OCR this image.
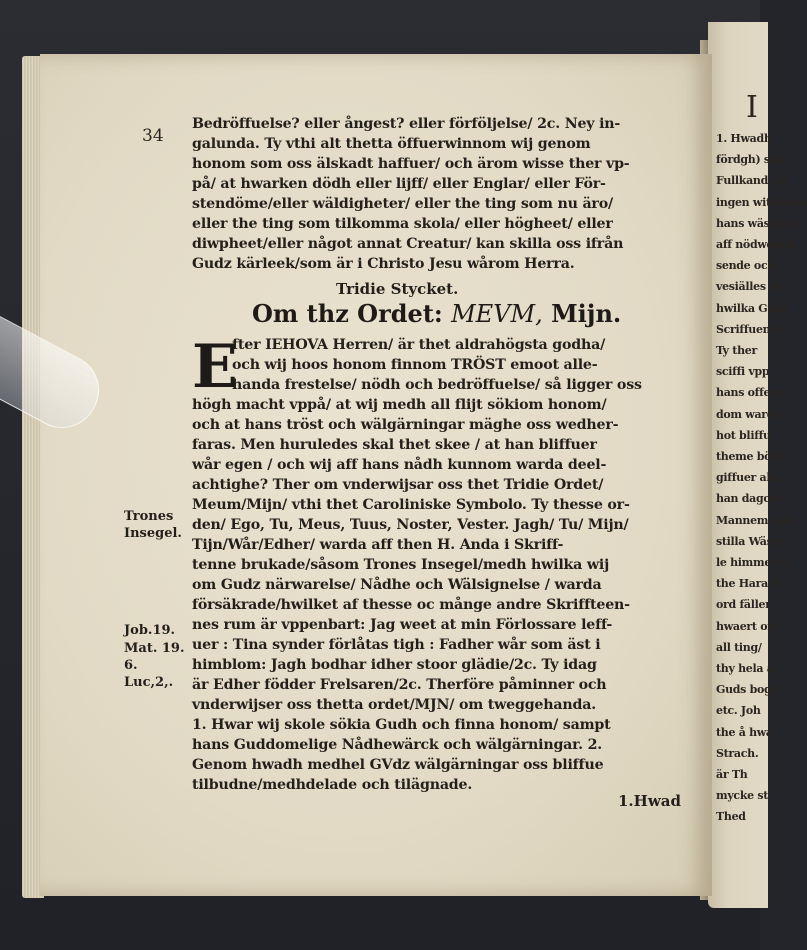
I
1. Hwadh
fördgh) sina
Fullkand/ så
ingen witeliken
hans wäsende
aff nödwennd
sende och
vesiälles of
hwilka Guds
Scriffuenes
Ty ther
sciffi vpp
hans offens
dom warde
hot bliffu
theme bögh
giffuer alla
han dagom
Mannem nah
stilla Wässe
le himmelen
the Hara G
ord fäller
hwaert om
all ting/
thy hela a
Guds bogh
etc. Joh
the å hwa
Strach.
är Th
mycke st
Thed
34
Bedröffuelse? eller ångest? eller förföljelse/ 2c. Ney in-
galunda. Ty vthi alt thetta öffuerwinnom wij genom
honom som oss älskadt haffuer/ och ärom wisse ther vp-
på/ at hwarken dödh eller lijff/ eller Englar/ eller För-
stendöme/eller wäldigheter/ eller the ting som nu äro/
eller the ting som tilkomma skola/ eller högheet/ eller
diwpheet/eller något annat Creatur/ kan skilla oss ifrån
Gudz kärleek/som är i Christo Jesu wårom Herra.
Tridie Stycket.
Om thz Ordet: MEVM, Mijn.
E
fter IEHOVA Herren/ är thet aldrahögsta godha/
och wij hoos honom finnom TRÖST emoot alle-
handa frestelse/ nödh och bedröffuelse/ så ligger oss
högh macht vppå/ at wij medh all flijt sökiom honom/
och at hans tröst och wälgärningar mäghe oss wedher-
faras. Men huruledes skal thet skee / at han bliffuer
wår egen / och wij aff hans nådh kunnom warda deel-
achtighe? Ther om vnderwijsar oss thet Tridie Ordet/
Meum/Mijn/ vthi thet Caroliniske Symbolo. Ty thesse or-
den/ Ego, Tu, Meus, Tuus, Noster, Vester. Jagh/ Tu/ Mijn/
Tijn/Wår/Edher/ warda aff then H. Anda i Skriff-
tenne brukade/såsom Trones Insegel/medh hwilka wij
om Gudz närwarelse/ Nådhe och Wälsignelse / warda
försäkrade/hwilket af thesse oc månge andre Skriffteen-
nes rum är vppenbart: Jag weet at min Förlossare leff-
uer : Tina synder förlåtas tigh : Fadher wår som äst i
himblom: Jagh bodhar idher stoor glädie/2c. Ty idag
är Edher födder Frelsaren/2c. Therföre påminner och
vnderwijser oss thetta ordet/MJN/ om tweggehanda.
1. Hwar wij skole sökia Gudh och finna honom/ sampt
hans Guddomelige Nådhewärck och wälgärningar. 2.
Genom hwadh medhel GVdz wälgärningar oss bliffue
tilbudne/medhdelade och tilägnade.
Trones
Insegel.
Job.19.
Mat. 19.
6.
Luc,2,.
1.Hwad
